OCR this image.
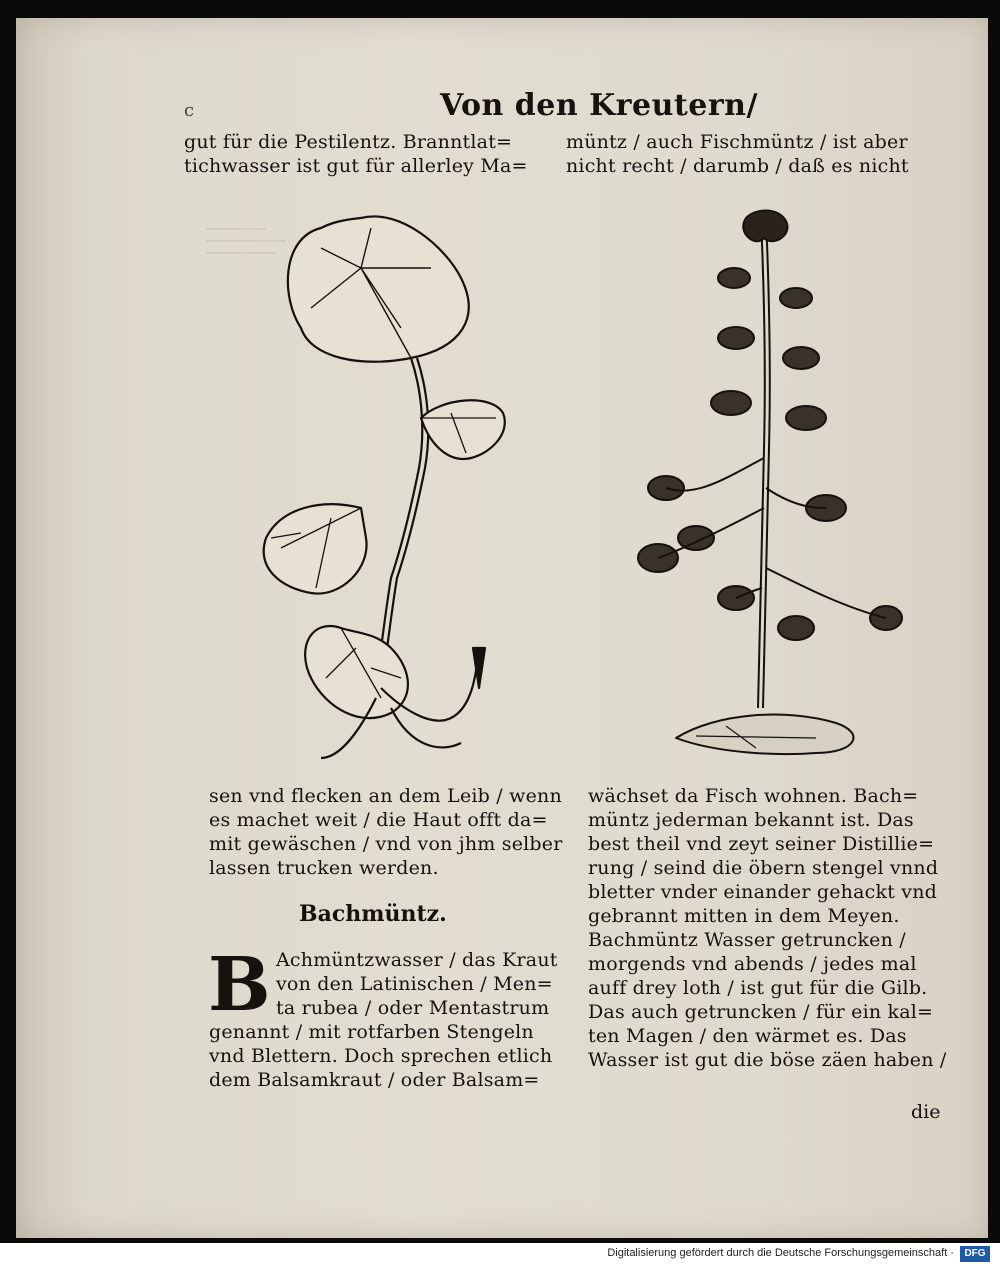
c	Von den Kreutern/
gut für die Pestilentz. Branntlat=
tichwasser ist gut für allerley Ma=
müntz / auch Fischmüntz / ist aber
nicht recht / darumb / daß es nicht
sen vnd flecken an dem Leib / wenn
es machet weit / die Haut offt da=
mit gewäschen / vnd von jhm selber
lassen trucken werden.
Bachmüntz.
B Achmüntzwasser / das Kraut
von den Latinischen / Men=
ta rubea / oder Mentastrum
genannt / mit rotfarben Stengeln
vnd Blettern. Doch sprechen etlich
dem Balsamkraut / oder Balsam=
wächset da Fisch wohnen. Bach=
müntz jederman bekannt ist. Das
best theil vnd zeyt seiner Distillie=
rung / seind die öbern stengel vnnd
bletter vnder einander gehackt vnd
gebrannt mitten in dem Meyen.
Bachmüntz Wasser getruncken /
morgends vnd abends / jedes mal
auff drey loth / ist gut für die Gilb.
Das auch getruncken / für ein kal=
ten Magen / den wärmet es. Das
Wasser ist gut die böse zäen haben /
die
Digitalisierung gefördert durch die Deutsche Forschungsgemeinschaft ·	DFG
